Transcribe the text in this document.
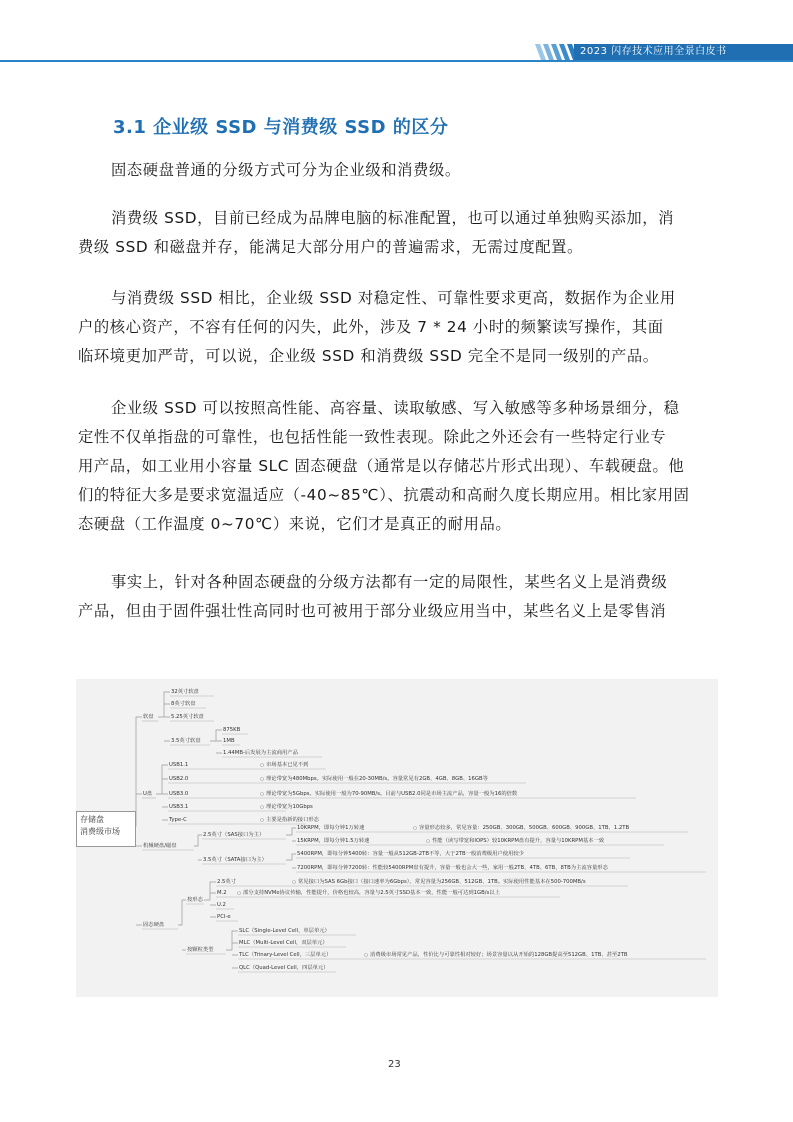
2023 闪存技术应用全景白皮书
3.1 企业级 SSD 与消费级 SSD 的区分
固态硬盘普通的分级方式可分为企业级和消费级。
消费级 SSD，目前已经成为品牌电脑的标准配置，也可以通过单独购买添加，消
费级 SSD 和磁盘并存，能满足大部分用户的普遍需求，无需过度配置。
与消费级 SSD 相比，企业级 SSD 对稳定性、可靠性要求更高，数据作为企业用
户的核心资产，不容有任何的闪失，此外，涉及 7 * 24 小时的频繁读写操作，其面
临环境更加严苛，可以说，企业级 SSD 和消费级 SSD 完全不是同一级别的产品。
企业级 SSD 可以按照高性能、高容量、读取敏感、写入敏感等多种场景细分，稳
定性不仅单指盘的可靠性，也包括性能一致性表现。除此之外还会有一些特定行业专
用产品，如工业用小容量 SLC 固态硬盘（通常是以存储芯片形式出现）、车载硬盘。他
们的特征大多是要求宽温适应（-40~85℃）、抗震动和高耐久度长期应用。相比家用固
态硬盘（工作温度 0~70℃）来说，它们才是真正的耐用品。
事实上，针对各种固态硬盘的分级方法都有一定的局限性，某些名义上是消费级
产品，但由于固件强壮性高同时也可被用于部分业级应用当中，某些名义上是零售消
存储盘
消费级市场
软盘
32英寸软盘
8英寸软盘
5.25英寸软盘
3.5英寸软盘
875KB
1MB
1.44MB-后发展为主流商用产品
U盘
USB1.1	市场基本已见不到
USB2.0	理论带宽为480Mbps。实际使用一般在20-30MB/s。容量常见有2GB、4GB、8GB、16GB等
USB3.0	理论带宽为5Gbps。实际使用一般为70-90MB/s。目前与USB2.0同是市场主流产品，容量一般为16的倍数
USB3.1	理论带宽为10Gbps
Type-C	主要是指新的接口形态
机械硬盘/磁盘
2.5英寸（SAS接口为主）
10KRPM，即每分钟1万转速	容量形态较多，常见容量：250GB、300GB、500GB、600GB、900GB、1TB、1.2TB
15KRPM，即每分钟1.5万转速	性能（读写带宽和IOPS）较10KRPM盘有提升，容量与10KRPM基本一致
3.5英寸（SATA接口为主）
5400RPM，即每分钟5400转：容量一般从512GB-2TB不等，大于2TB一般消费级用户使用较少
7200RPM，即每分钟7200转：性能较5400RPM盘有提升，容量一般也会大一些，家用一般2TB、4TB、6TB、8TB为主流容量形态
固态硬盘
按形态
2.5英寸	常见接口为SAS 6Gb接口（接口速率为6Gbps），常见容量为256GB、512GB、1TB。实际使用性能基本在500-700MB/s
M.2	部分支持NVMe协议传输，性能提升，价格也较高，容量与2.5英寸SSD基本一致，性能一般可达到1GB/s以上
U.2
PCI-e
按颗粒类型
SLC（Single-Level Cell，单层单元）
MLC（Multi-Level Cell，双层单元）
TLC（Trinary-Level Cell，三层单元）	消费级市场常见产品，性价比与可靠性相对较好；场景容量以从开始的128GB提高至512GB、1TB、甚至2TB
QLC（Quad-Level Cell，四层单元）
23
